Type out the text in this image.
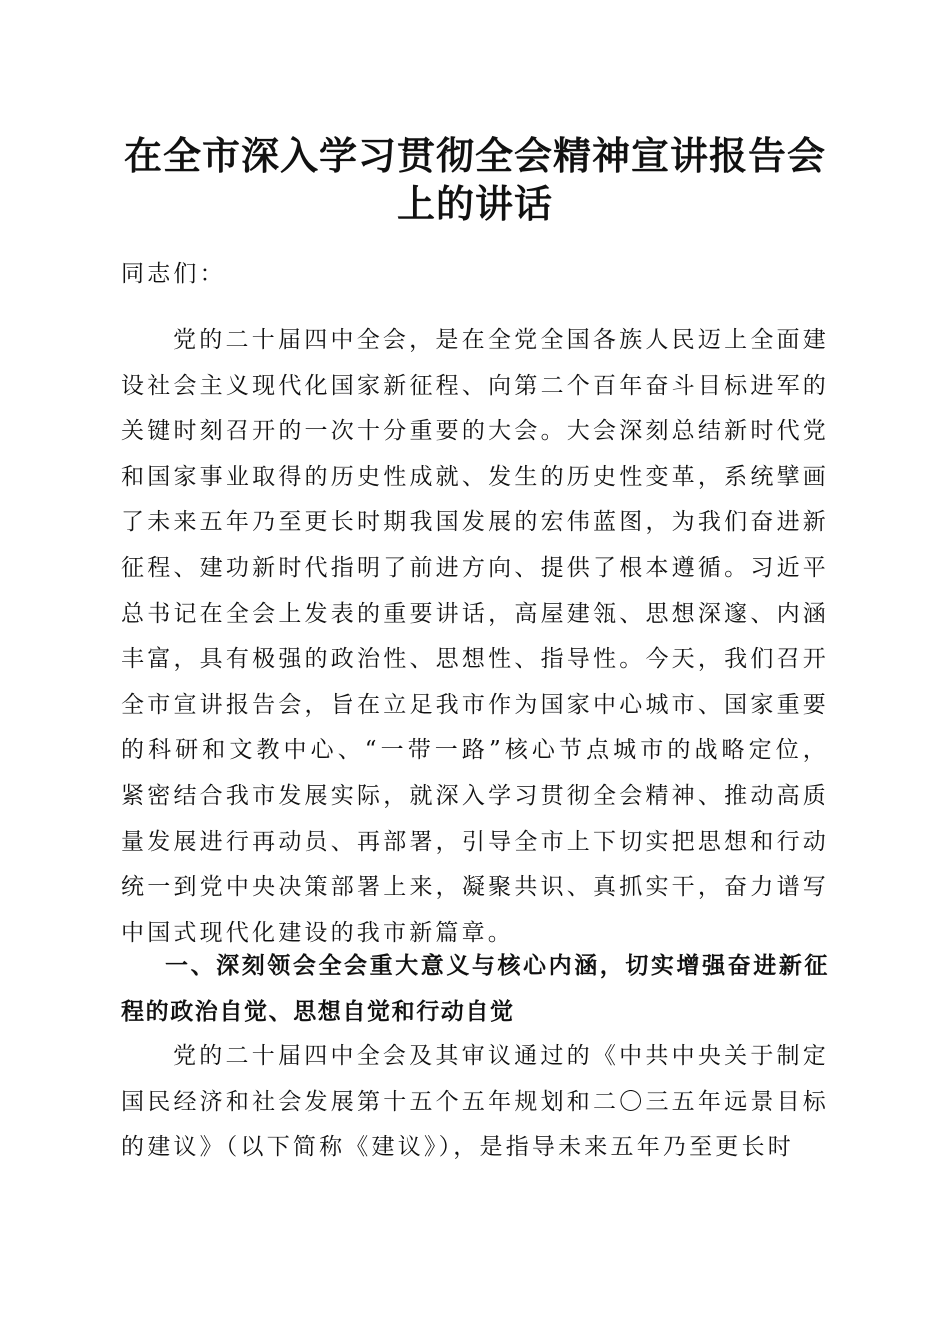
在全市深入学习贯彻全会精神宣讲报告会上的讲话

同志们：

党的二十届四中全会，是在全党全国各族人民迈上全面建设社会主义现代化国家新征程、向第二个百年奋斗目标进军的关键时刻召开的一次十分重要的大会。大会深刻总结新时代党和国家事业取得的历史性成就、发生的历史性变革，系统擘画了未来五年乃至更长时期我国发展的宏伟蓝图，为我们奋进新征程、建功新时代指明了前进方向、提供了根本遵循。习近平总书记在全会上发表的重要讲话，高屋建瓴、思想深邃、内涵丰富，具有极强的政治性、思想性、指导性。今天，我们召开全市宣讲报告会，旨在立足我市作为国家中心城市、国家重要的科研和文教中心、“一带一路”核心节点城市的战略定位，紧密结合我市发展实际，就深入学习贯彻全会精神、推动高质量发展进行再动员、再部署，引导全市上下切实把思想和行动统一到党中央决策部署上来，凝聚共识、真抓实干，奋力谱写中国式现代化建设的我市新篇章。

一、深刻领会全会重大意义与核心内涵，切实增强奋进新征程的政治自觉、思想自觉和行动自觉

党的二十届四中全会及其审议通过的《中共中央关于制定国民经济和社会发展第十五个五年规划和二〇三五年远景目标的建议》（以下简称《建议》），是指导未来五年乃至更长时
